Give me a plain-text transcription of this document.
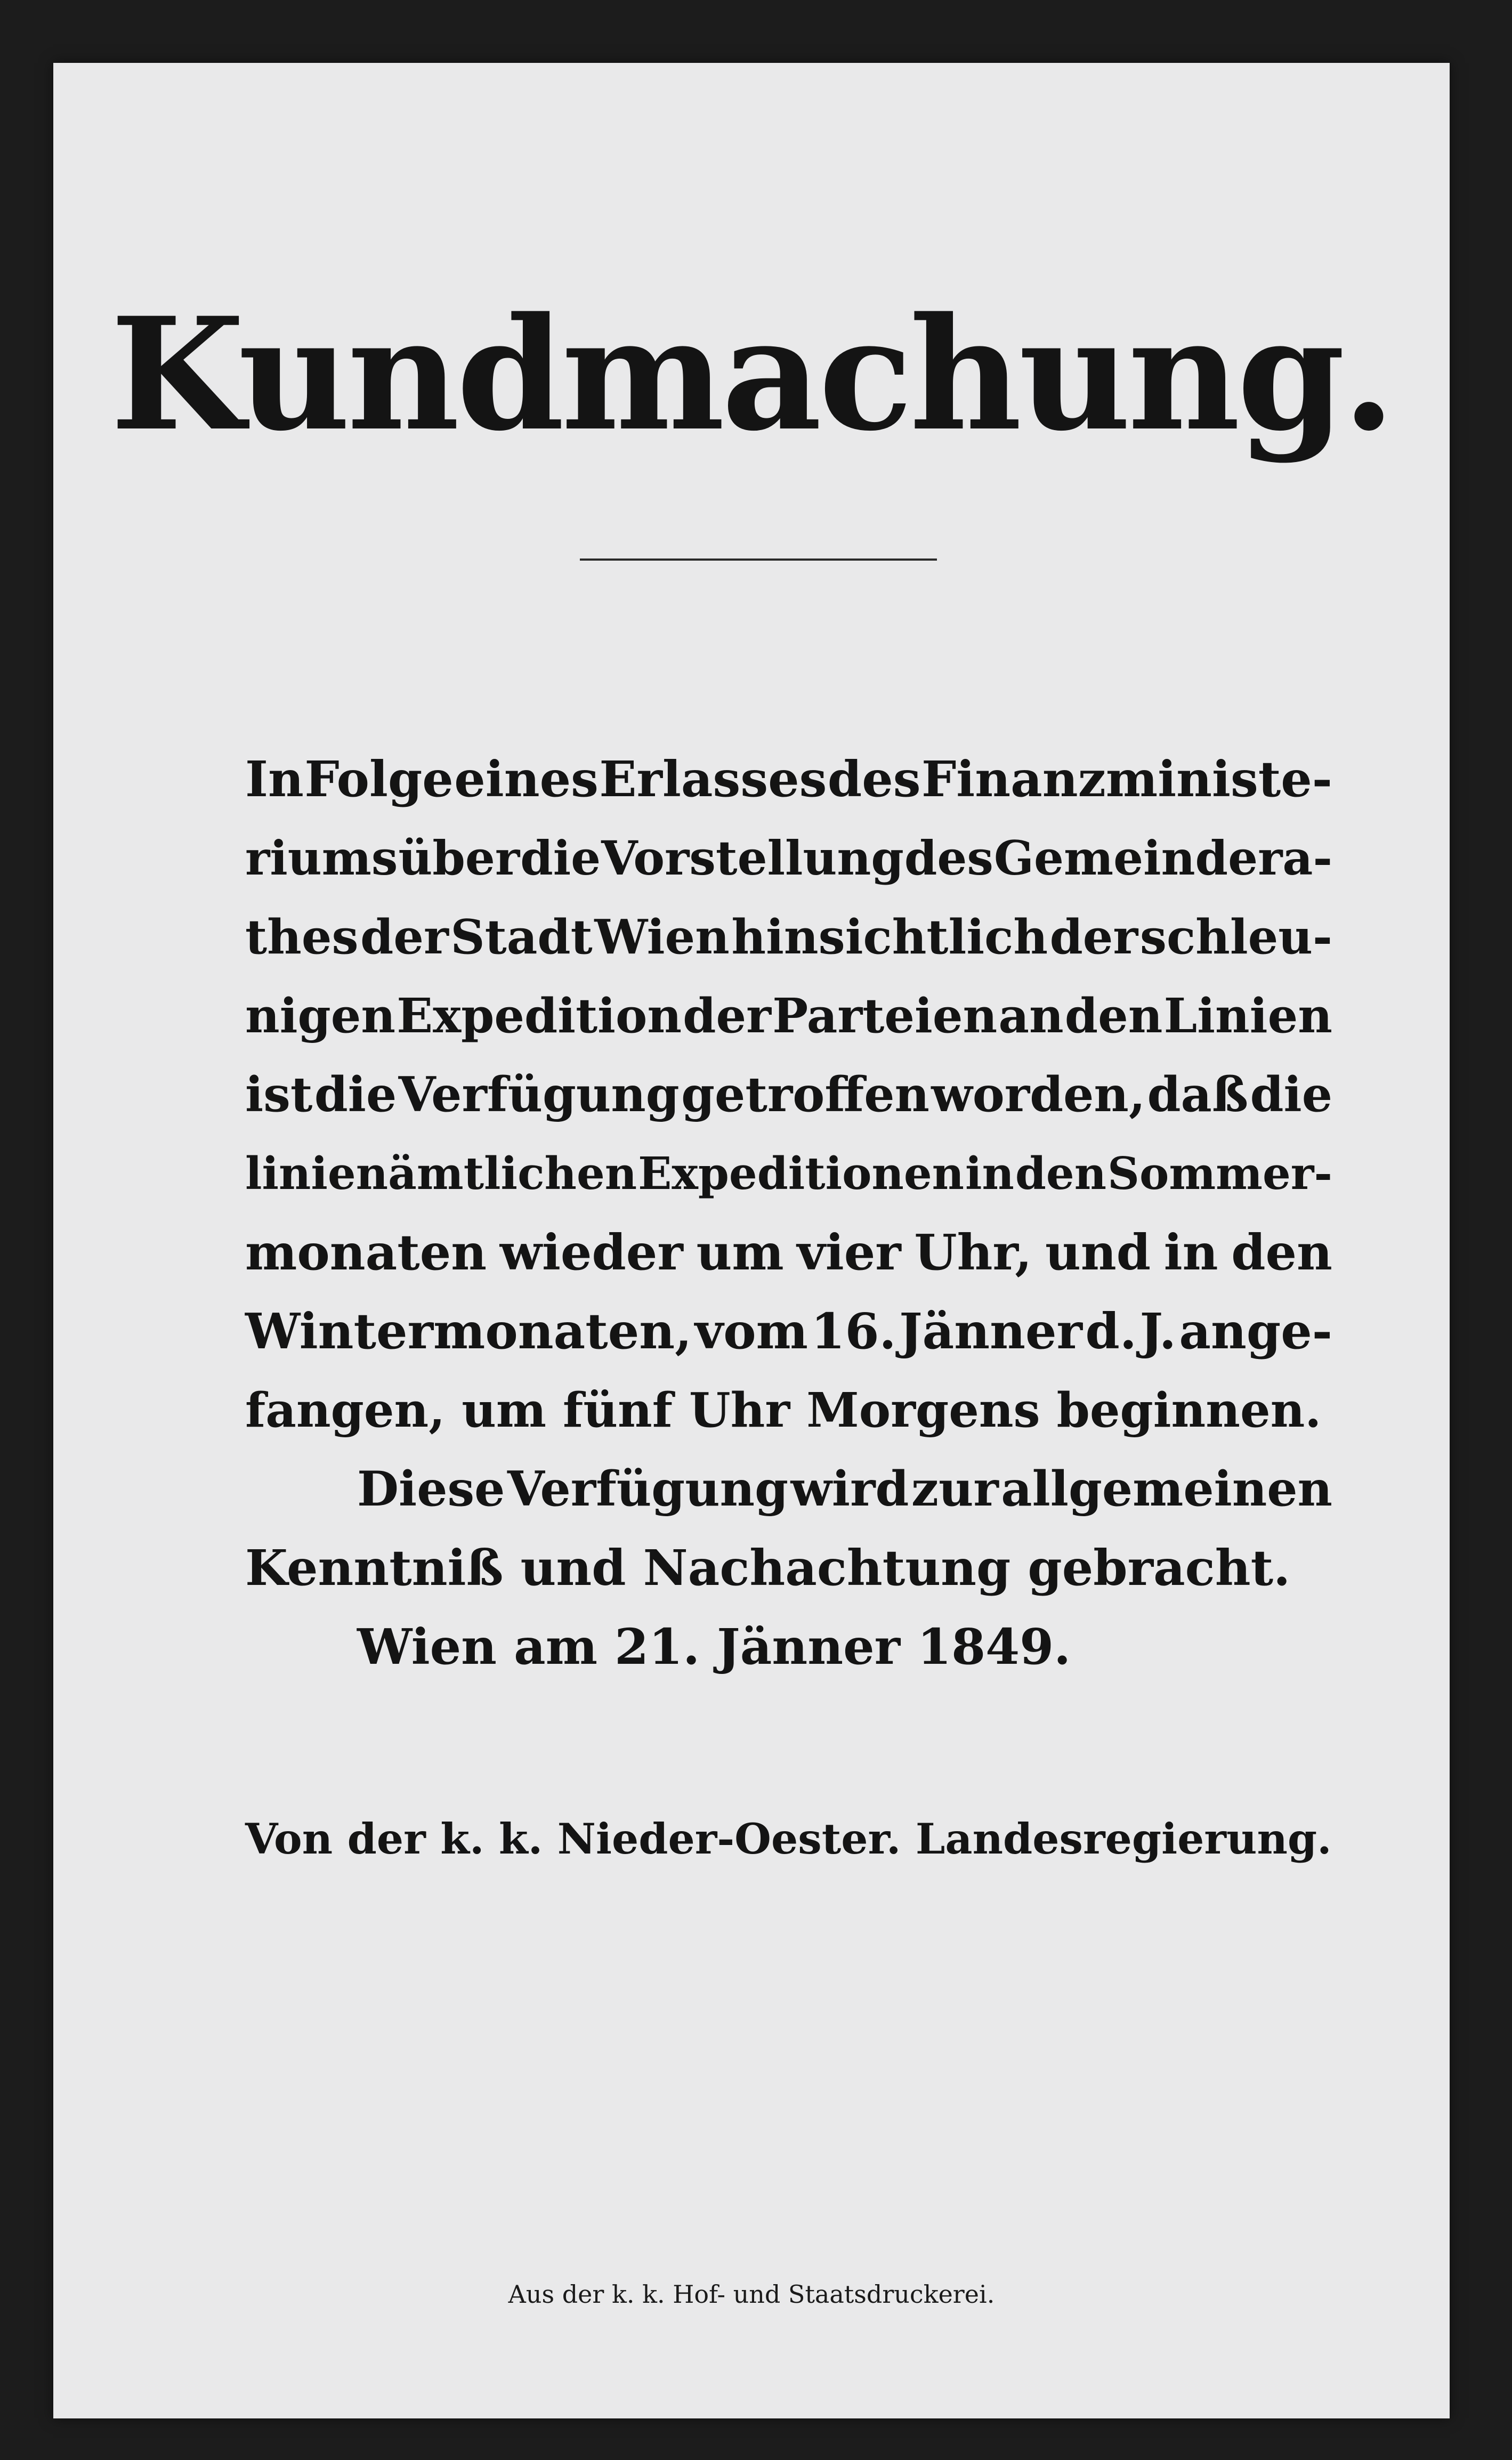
Kundmachung.
In Folge eines Erlasses des Finanzministe-
riums über die Vorstellung des Gemeindera-
thes der Stadt Wien hinsichtlich der schleu-
nigen Expedition der Parteien an den Linien
ist die Verfügung getroffen worden, daß die
linienämtlichen Expeditionen in den Sommer-
monaten wieder um vier Uhr, und in den
Wintermonaten, vom 16. Jänner d. J. ange-
fangen, um fünf Uhr Morgens beginnen.
Diese Verfügung wird zur allgemeinen
Kenntniß und Nachachtung gebracht.
Wien am 21. Jänner 1849.
Von der k. k. Nieder-Oester. Landesregierung.
Aus der k. k. Hof- und Staatsdruckerei.
